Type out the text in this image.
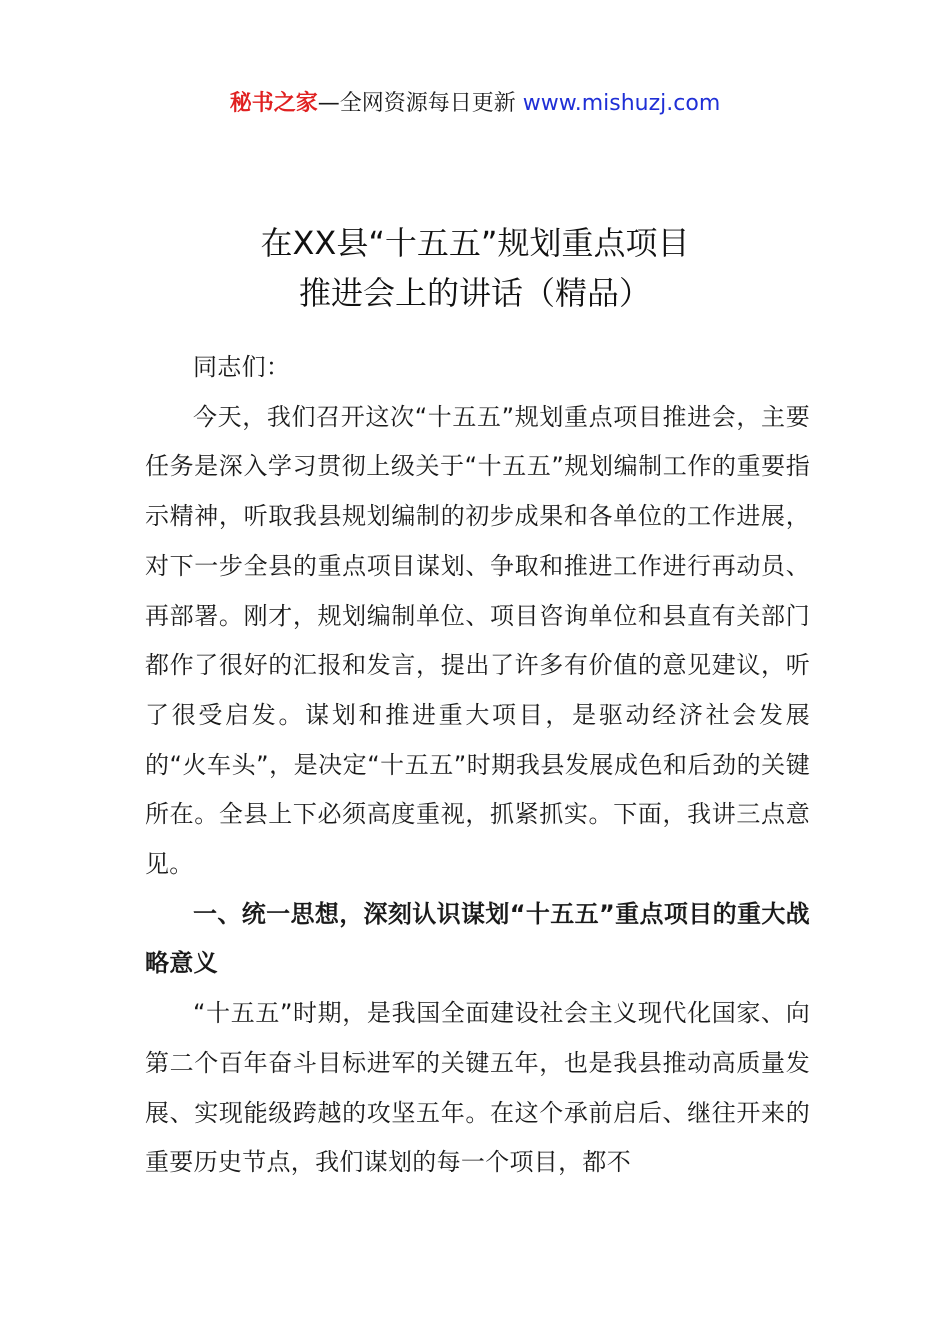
秘书之家—全网资源每日更新 www.mishuzj.com
在XX县“十五五”规划重点项目
推进会上的讲话（精品）

同志们：

今天，我们召开这次“十五五”规划重点项目推进会，主要任务是深入学习贯彻上级关于“十五五”规划编制工作的重要指示精神，听取我县规划编制的初步成果和各单位的工作进展，对下一步全县的重点项目谋划、争取和推进工作进行再动员、再部署。刚才，规划编制单位、项目咨询单位和县直有关部门都作了很好的汇报和发言，提出了许多有价值的意见建议，听了很受启发。谋划和推进重大项目，是驱动经济社会发展的“火车头”，是决定“十五五”时期我县发展成色和后劲的关键所在。全县上下必须高度重视，抓紧抓实。下面，我讲三点意见。

一、统一思想，深刻认识谋划“十五五”重点项目的重大战略意义

“十五五”时期，是我国全面建设社会主义现代化国家、向第二个百年奋斗目标进军的关键五年，也是我县推动高质量发展、实现能级跨越的攻坚五年。在这个承前启后、继往开来的重要历史节点，我们谋划的每一个项目，都不
